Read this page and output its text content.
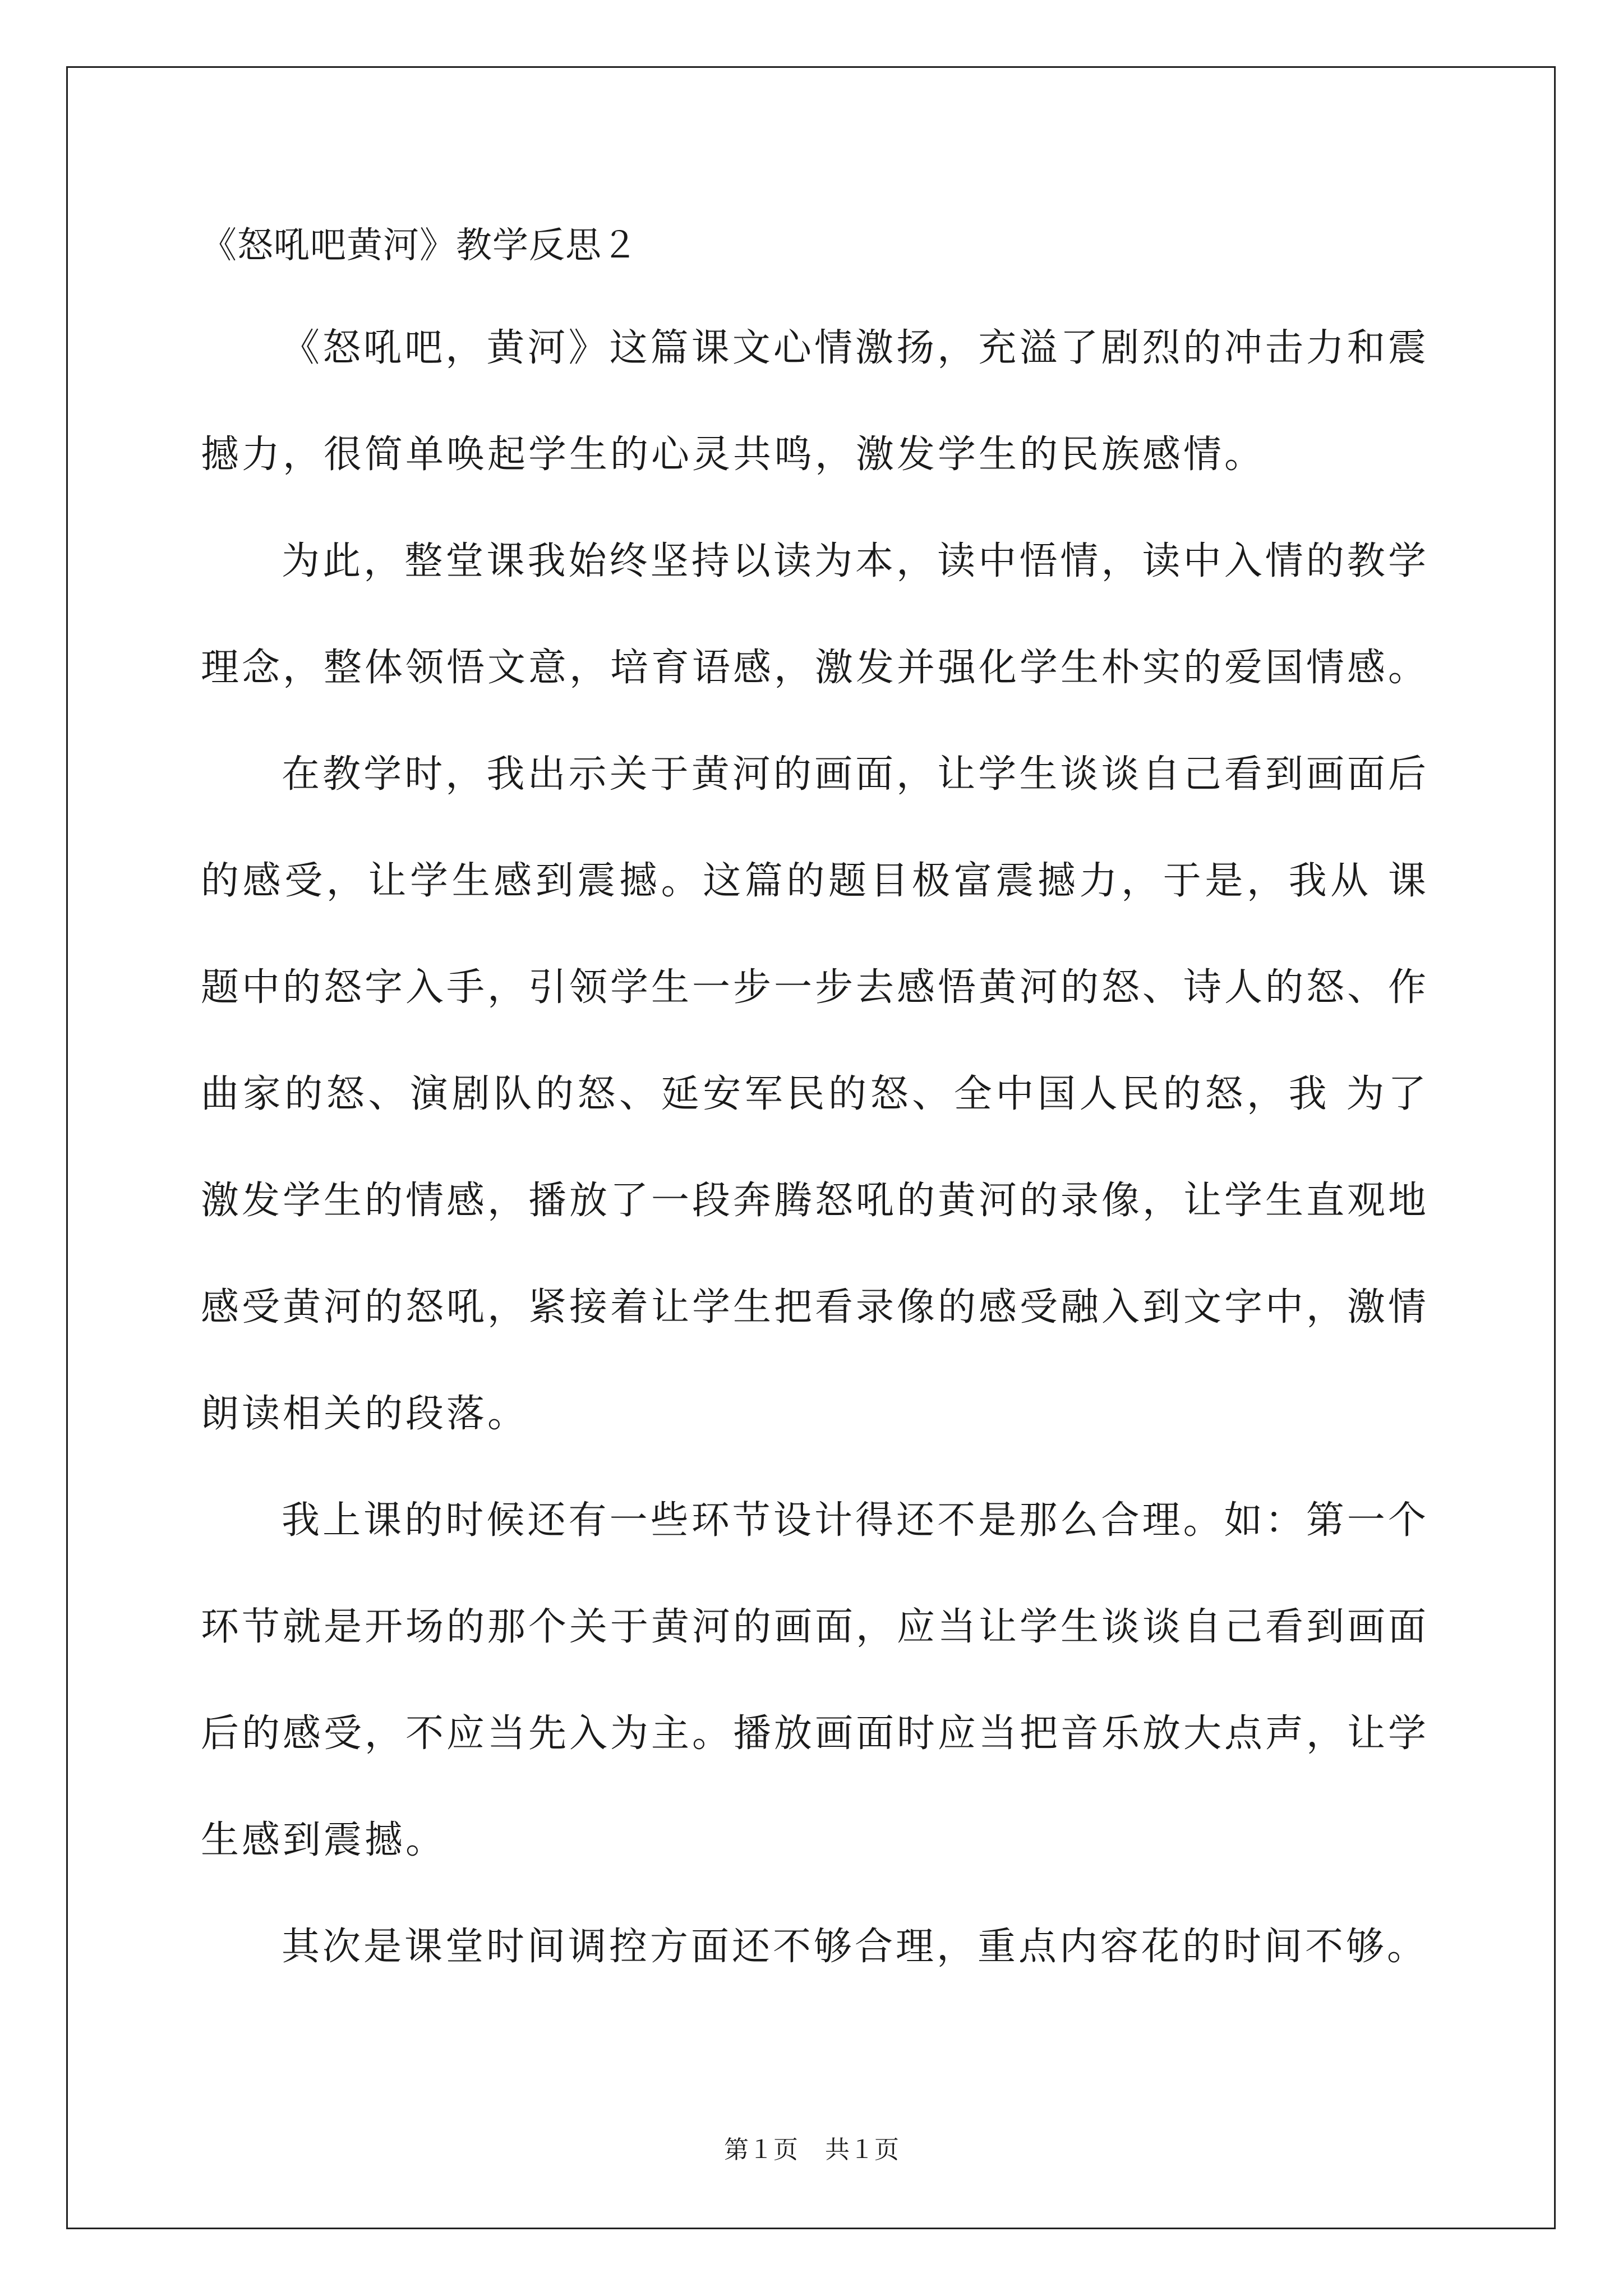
《怒吼吧黄河》教学反思２

《怒吼吧，黄河》这篇课文心情激扬，充溢了剧烈的冲击力和震撼力，很简单唤起学生的心灵共鸣，激发学生的民族感情。

为此，整堂课我始终坚持以读为本，读中悟情，读中入情的教学理念，整体领悟文意，培育语感，激发并强化学生朴实的爱国情感。

在教学时，我出示关于黄河的画面，让学生谈谈自己看到画面后的感受，让学生感到震撼。这篇的题目极富震撼力，于是，我从 课题中的怒字入手，引领学生一步一步去感悟黄河的怒、诗人的怒、作曲家的怒、演剧队的怒、延安军民的怒、全中国人民的怒，我 为了激发学生的情感，播放了一段奔腾怒吼的黄河的录像，让学生直观地感受黄河的怒吼，紧接着让学生把看录像的感受融入到文字中，激情朗读相关的段落。

我上课的时候还有一些环节设计得还不是那么合理。如：第一个环节就是开场的那个关于黄河的画面，应当让学生谈谈自己看到画面后的感受，不应当先入为主。播放画面时应当把音乐放大点声，让学生感到震撼。

其次是课堂时间调控方面还不够合理，重点内容花的时间不够。

第１页 共１页
